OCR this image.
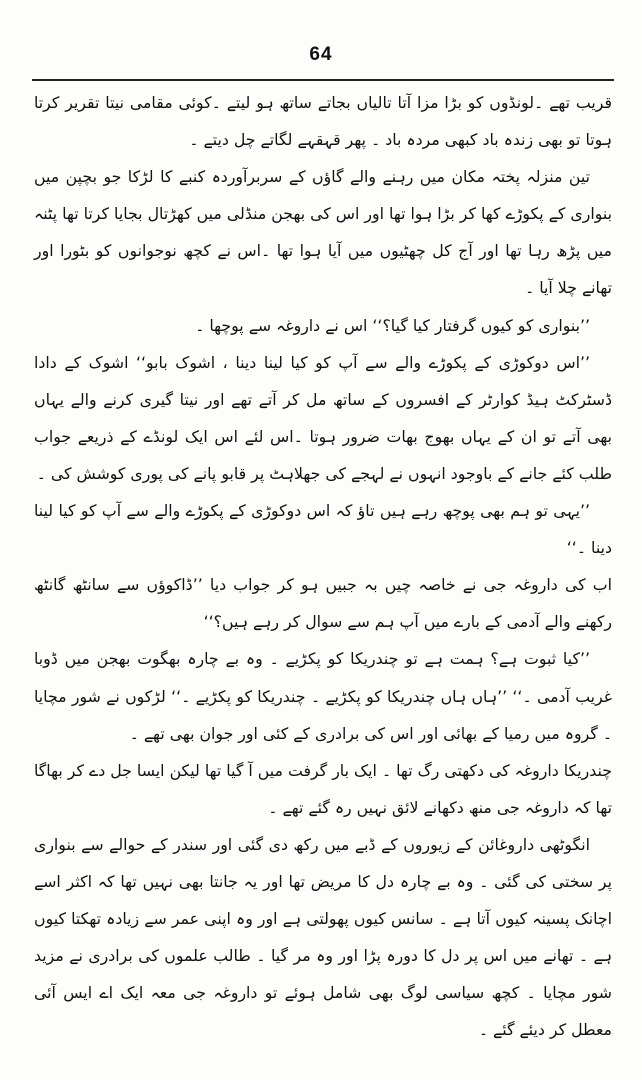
64

قریب تھے ۔لونڈوں کو بڑا مزا آتا تالیاں بجاتے ساتھ ہو لیتے ۔کوئی مقامی نیتا تقریر کرتا ہوتا تو بھی زندہ باد کبھی مردہ باد ۔ پھر قہقہے لگاتے چل دیتے ۔

تین منزلہ پختہ مکان میں رہنے والے گاؤں کے سربرآوردہ کنبے کا لڑکا جو بچپن میں بنواری کے پکوڑے کھا کر بڑا ہوا تھا اور اس کی بھجن منڈلی میں کھڑتال بجایا کرتا تھا پٹنہ میں پڑھ رہا تھا اور آج کل چھٹیوں میں آیا ہوا تھا ۔اس نے کچھ نوجوانوں کو بٹورا اور تھانے چلا آیا ۔

’’بنواری کو کیوں گرفتار کیا گیا؟‘‘ اس نے داروغہ سے پوچھا ۔

’’اس دوکوڑی کے پکوڑے والے سے آپ کو کیا لینا دینا ، اشوک بابو‘‘ اشوک کے دادا ڈسٹرکٹ ہیڈ کوارٹر کے افسروں کے ساتھ مل کر آتے تھے اور نیتا گیری کرنے والے یہاں بھی آتے تو ان کے یہاں بھوج بھات ضرور ہوتا ۔اس لئے اس ایک لونڈے کے ذریعے جواب طلب کئے جانے کے باوجود انہوں نے لہجے کی جھلاہٹ پر قابو پانے کی پوری کوشش کی ۔

’’یہی تو ہم بھی پوچھ رہے ہیں تاؤ کہ اس دوکوڑی کے پکوڑے والے سے آپ کو کیا لینا دینا ۔‘‘

اب کی داروغہ جی نے خاصہ چیں بہ جبیں ہو کر جواب دیا ’’ڈاکوؤں سے سانٹھ گانٹھ رکھنے والے آدمی کے بارے میں آپ ہم سے سوال کر رہے ہیں؟‘‘

’’کیا ثبوت ہے؟ ہمت ہے تو چندریکا کو پکڑیے ۔ وہ بے چارہ بھگوت بھجن میں ڈوبا غریب آدمی ۔‘‘ ’’ہاں ہاں چندریکا کو پکڑیے ۔ چندریکا کو پکڑیے ۔‘‘ لڑکوں نے شور مچایا ۔ گروہ میں رمیا کے بھائی اور اس کی برادری کے کئی اور جوان بھی تھے ۔

چندریکا داروغہ کی دکھتی رگ تھا ۔ ایک بار گرفت میں آ گیا تھا لیکن ایسا جل دے کر بھاگا تھا کہ داروغہ جی منھ دکھانے لائق نہیں رہ گئے تھے ۔

انگوٹھی داروغائن کے زیوروں کے ڈبے میں رکھ دی گئی اور سندر کے حوالے سے بنواری پر سختی کی گئی ۔ وہ بے چارہ دل کا مریض تھا اور یہ جانتا بھی نہیں تھا کہ اکثر اسے اچانک پسینہ کیوں آتا ہے ۔ سانس کیوں پھولتی ہے اور وہ اپنی عمر سے زیادہ تھکتا کیوں ہے ۔ تھانے میں اس پر دل کا دورہ پڑا اور وہ مر گیا ۔ طالب علموں کی برادری نے مزید شور مچایا ۔ کچھ سیاسی لوگ بھی شامل ہوئے تو داروغہ جی معہ ایک اے ایس آئی معطل کر دیئے گئے ۔
